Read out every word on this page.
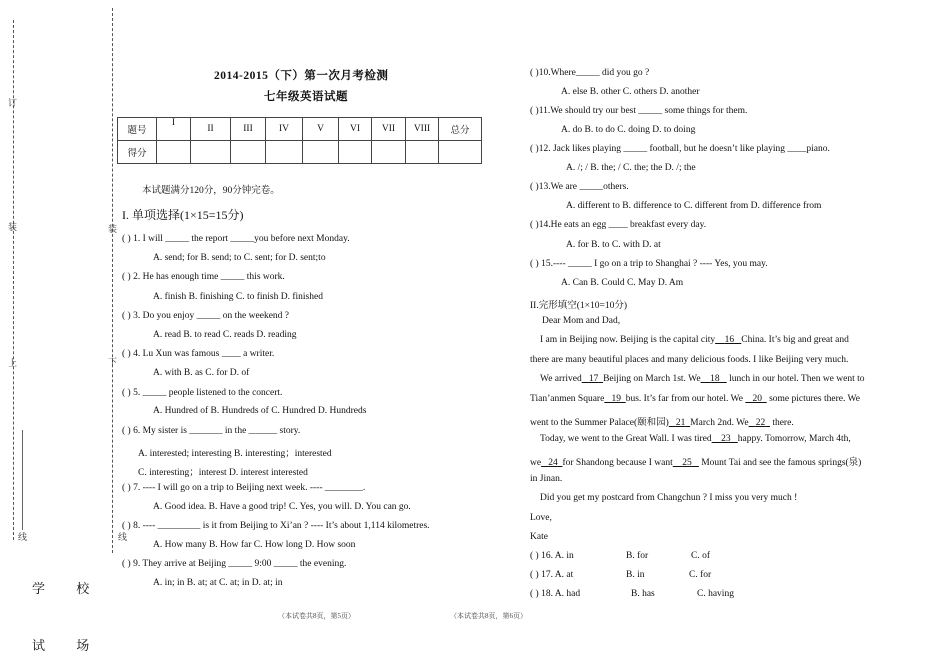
订
装
上
线
装
下
线
学 校
试 场
2014-2015（下）第一次月考检测
七年级英语试题
题号	I	II	III	IV	V	VI	VII	VIII	总分
得分									
本试题满分120分，90分钟完卷。
I. 单项选择(1×15=15分)
( ) 1. I will _____ the report _____you before next Monday.
A. send; for B. send; to C. sent; for D. sent;to
( ) 2. He has enough time _____ this work.
A. finish B. finishing C. to finish D. finished
( ) 3. Do you enjoy _____ on the weekend ?
A. read B. to read C. reads D. reading
( ) 4. Lu Xun was famous ____ a writer.
A. with B. as C. for D. of
( ) 5. _____ people listened to the concert.
A. Hundred of B. Hundreds of C. Hundred D. Hundreds
( ) 6. My sister is _______ in the ______ story.
A. interested; interesting B. interesting；interested
C. interesting；interest D. interest interested
( ) 7. ---- I will go on a trip to Beijing next week. ---- ________.
A. Good idea. B. Have a good trip! C. Yes, you will. D. You can go.
( ) 8. ---- _________ is it from Beijing to Xi’an ? ---- It’s about 1,114 kilometres.
A. How many B. How far C. How long D. How soon
( ) 9. They arrive at Beijing _____ 9:00 _____ the evening.
A. in; in B. at; at C. at; in D. at; in
（本试卷共8页，第5页）
( )10.Where_____ did you go ?
A. else B. other C. others D. another
( )11.We should try our best _____ some things for them.
A. do B. to do C. doing D. to doing
( )12. Jack likes playing _____ football, but he doesn’t like playing ____piano.
A. /; / B. the; / C. the; the D. /; the
( )13.We are _____others.
A. different to B. difference to C. different from D. difference from
( )14.He eats an egg ____ breakfast every day.
A. for B. to C. with D. at
( ) 15.---- _____ I go on a trip to Shanghai ? ---- Yes, you may.
A. Can B. Could C. May D. Am
II.完形填空(1×10=10分)
Dear Mom and Dad,
I am in Beijing now. Beijing is the capital city 16 China. It’s big and great and
there are many beautiful places and many delicious foods. I like Beijing very much.
We arrived 17 Beijing on March 1st. We 18 lunch in our hotel. Then we went to
Tian’anmen Square 19 bus. It’s far from our hotel. We 20 some pictures there. We
went to the Summer Palace(颐和园) 21 March 2nd. We 22 there.
Today, we went to the Great Wall. I was tired 23 happy. Tomorrow, March 4th,
we 24 for Shandong because I want 25 Mount Tai and see the famous springs(泉)
in Jinan.
Did you get my postcard from Changchun ? I miss you very much !
Love,
Kate
( ) 16. A. in	B. for	C. of
( ) 17. A. at	B. in	C. for
( ) 18. A. had	B. has	C. having
（本试卷共8页，第6页）
